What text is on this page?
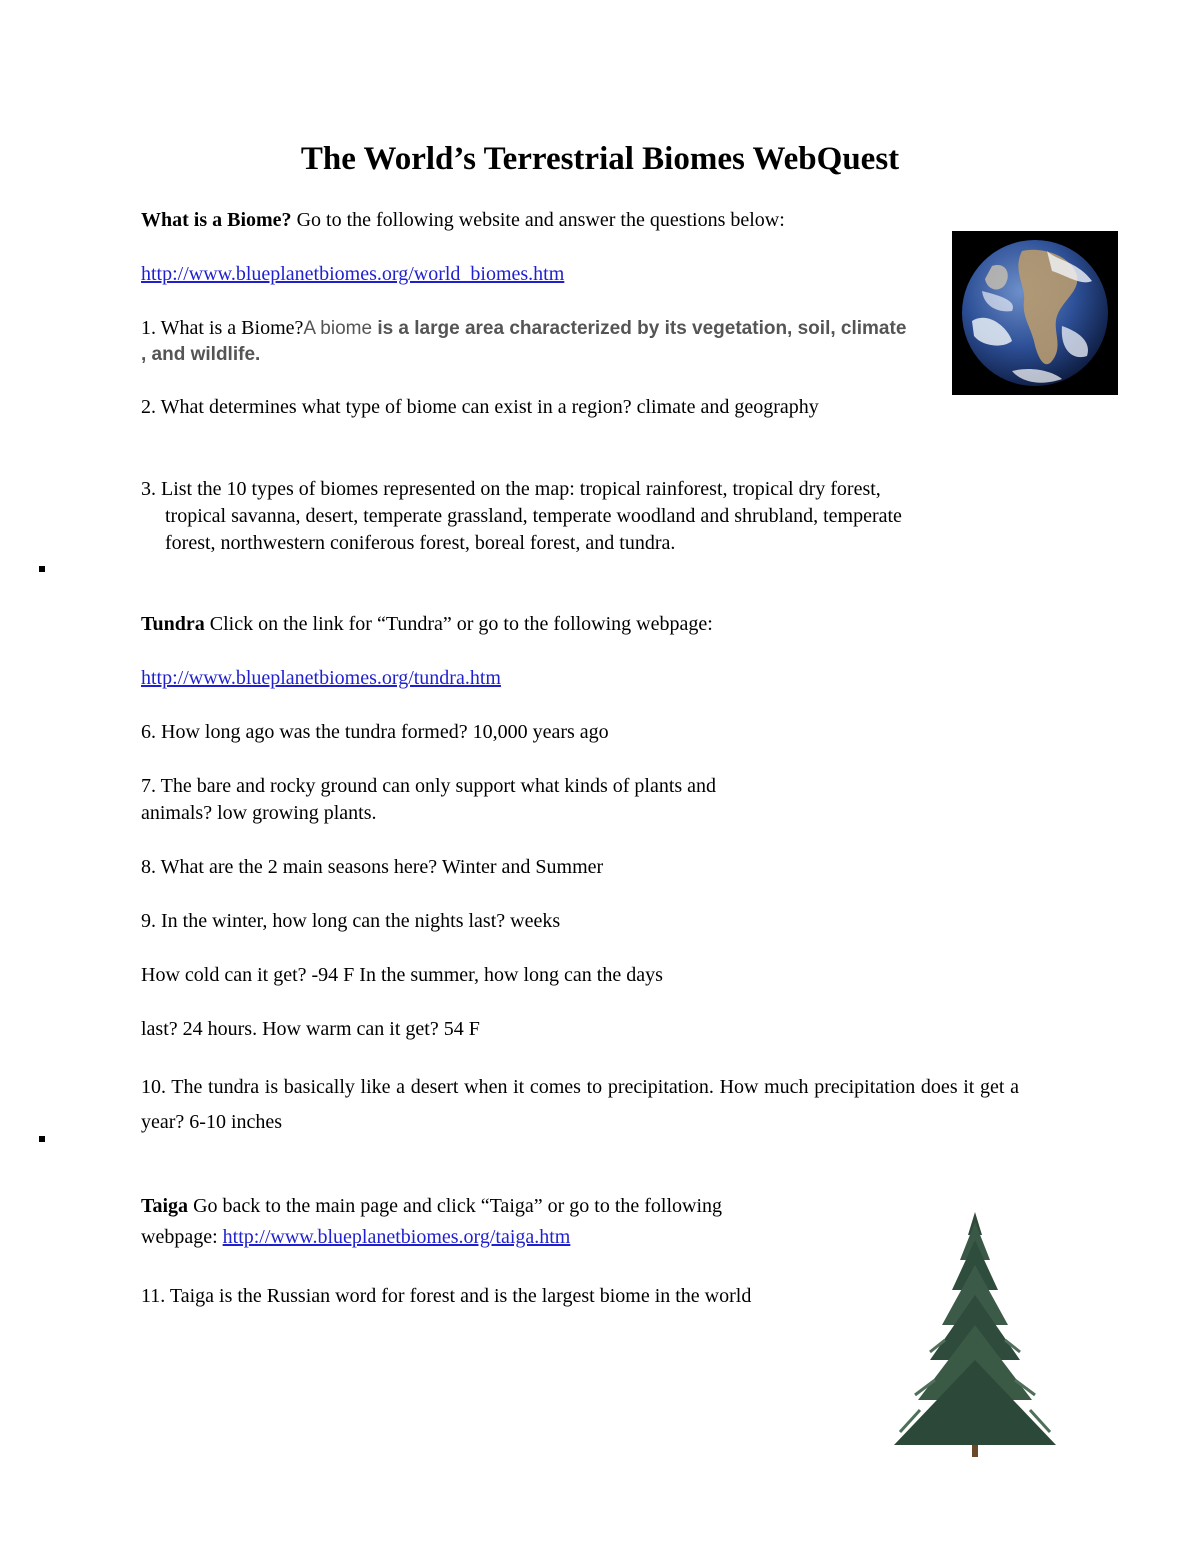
The World’s Terrestrial Biomes WebQuest
What is a Biome? Go to the following website and answer the questions below:
http://www.blueplanetbiomes.org/world_biomes.htm
1. What is a Biome?A biome is a large area characterized by its vegetation, soil, climate
, and wildlife.
2. What determines what type of biome can exist in a region? climate and geography
3. List the 10 types of biomes represented on the map: tropical rainforest, tropical dry forest,
tropical savanna, desert, temperate grassland, temperate woodland and shrubland, temperate
forest, northwestern coniferous forest, boreal forest, and tundra.
Tundra Click on the link for “Tundra” or go to the following webpage:
http://www.blueplanetbiomes.org/tundra.htm
6. How long ago was the tundra formed? 10,000 years ago
7. The bare and rocky ground can only support what kinds of plants and
animals? low growing plants.
8. What are the 2 main seasons here? Winter and Summer
9. In the winter, how long can the nights last? weeks
How cold can it get? -94 F In the summer, how long can the days
last? 24 hours. How warm can it get? 54 F
10. The tundra is basically like a desert when it comes to precipitation. How much precipitation does it get a year? 6-10 inches
Taiga Go back to the main page and click “Taiga” or go to the following
webpage: http://www.blueplanetbiomes.org/taiga.htm
11. Taiga is the Russian word for forest and is the largest biome in the world
